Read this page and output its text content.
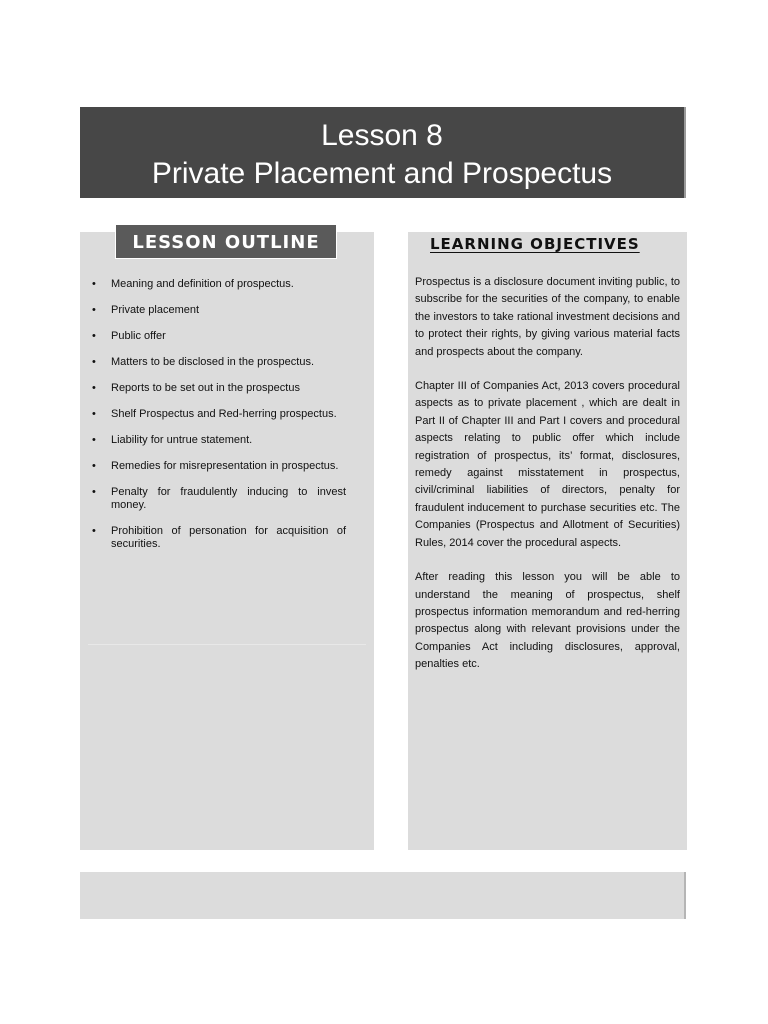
Lesson 8
Private Placement and Prospectus
LESSON OUTLINE
• Meaning and definition of prospectus.
• Private placement
• Public offer
• Matters to be disclosed in the prospectus.
• Reports to be set out in the prospectus
• Shelf Prospectus and Red-herring prospectus.
• Liability for untrue statement.
• Remedies for misrepresentation in prospectus.
• Penalty for fraudulently inducing to invest money.
• Prohibition of personation for acquisition of securities.
LEARNING OBJECTIVES

Prospectus is a disclosure document inviting public, to subscribe for the securities of the company, to enable the investors to take rational investment decisions and to protect their rights, by giving various material facts and prospects about the company.

Chapter III of Companies Act, 2013 covers procedural aspects as to private placement , which are dealt in Part II of Chapter III and Part I covers and procedural aspects relating to public offer which include registration of prospectus, its’ format, disclosures, remedy against misstatement in prospectus, civil/criminal liabilities of directors, penalty for fraudulent inducement to purchase securities etc. The Companies (Prospectus and Allotment of Securities) Rules, 2014 cover the procedural aspects.

After reading this lesson you will be able to understand the meaning of prospectus, shelf prospectus information memorandum and red-herring prospectus along with relevant provisions under the Companies Act including disclosures, approval, penalties etc.
